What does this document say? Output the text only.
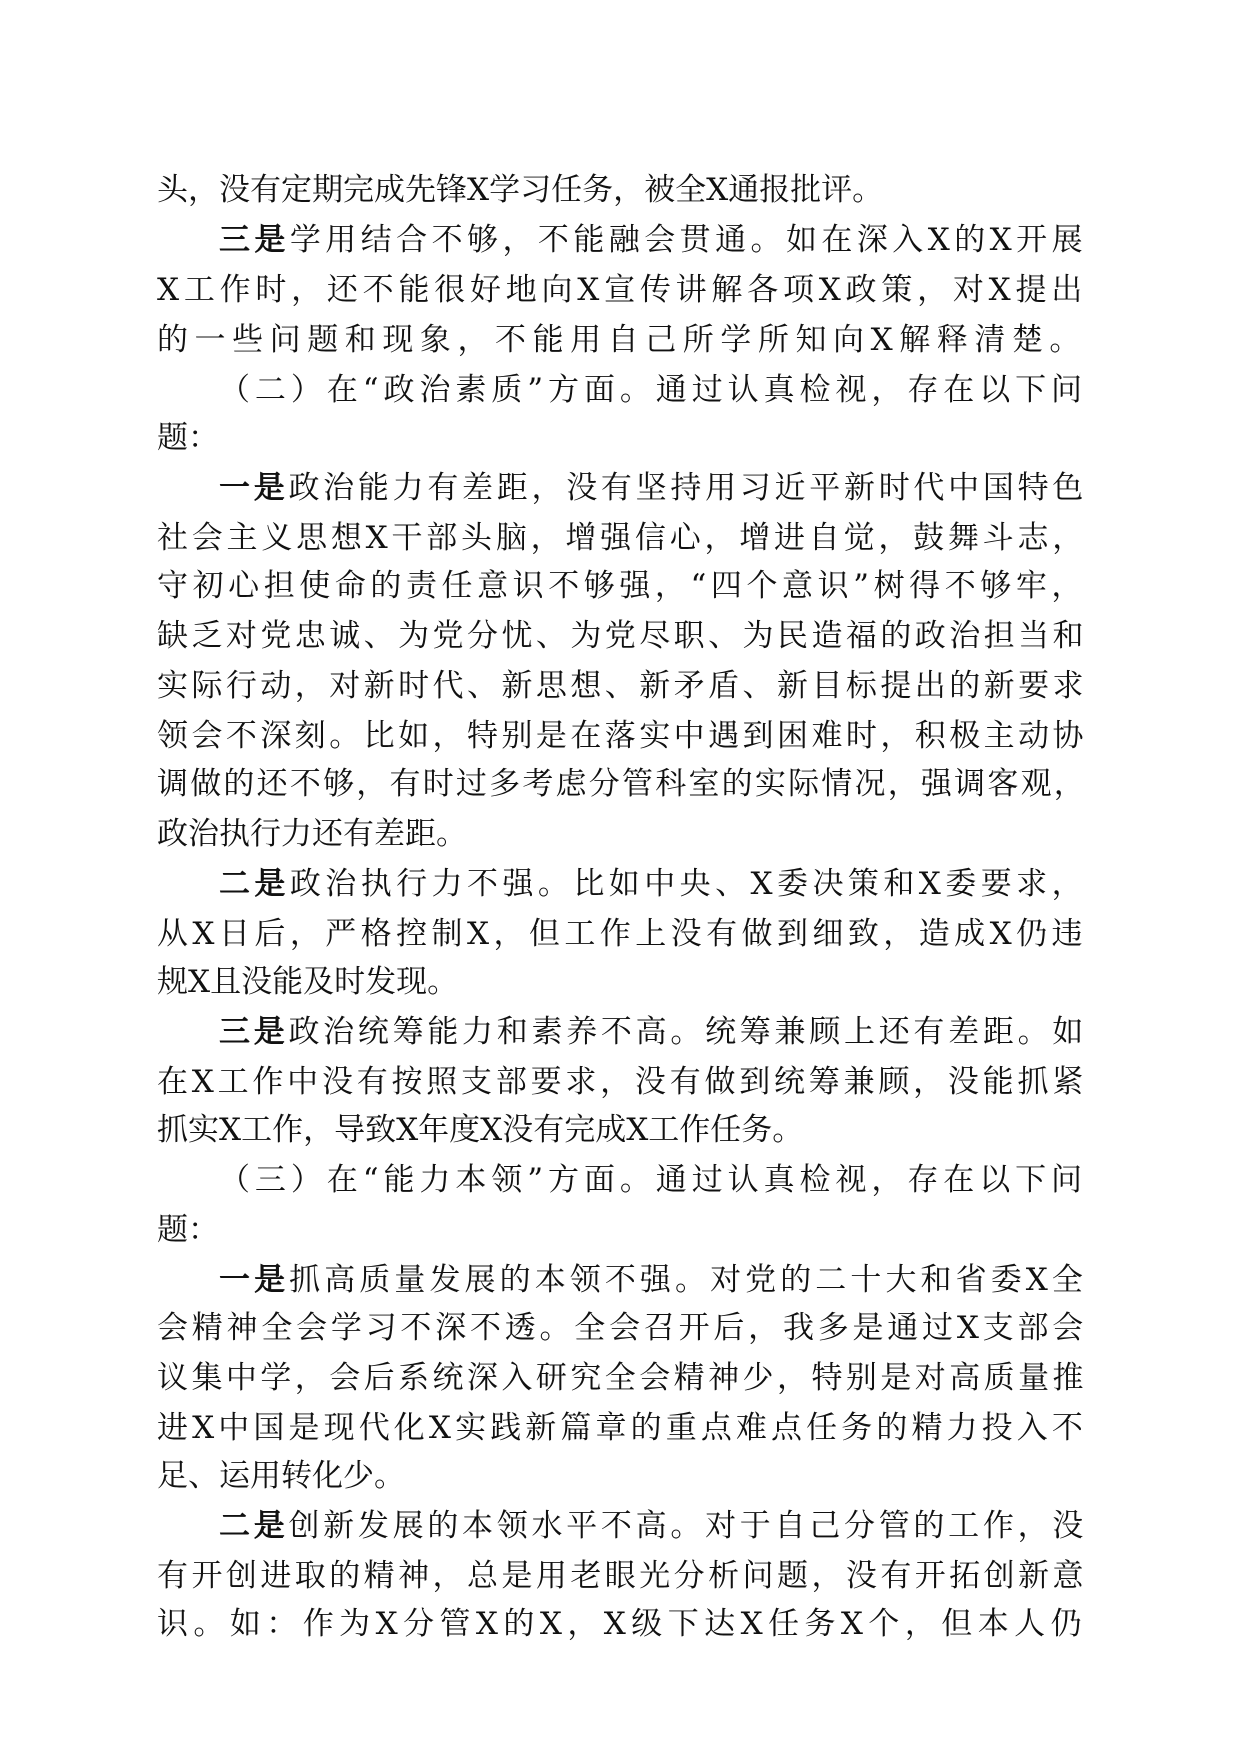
头，没有定期完成先锋X学习任务，被全X通报批评。
三是学用结合不够，不能融会贯通。如在深入X的X开展
X工作时，还不能很好地向X宣传讲解各项X政策，对X提出
的一些问题和现象，不能用自己所学所知向X解释清楚。
（二）在“政治素质”方面。通过认真检视，存在以下问
题：
一是政治能力有差距，没有坚持用习近平新时代中国特色
社会主义思想X干部头脑，增强信心，增进自觉，鼓舞斗志，
守初心担使命的责任意识不够强，“四个意识”树得不够牢，
缺乏对党忠诚、为党分忧、为党尽职、为民造福的政治担当和
实际行动，对新时代、新思想、新矛盾、新目标提出的新要求
领会不深刻。比如，特别是在落实中遇到困难时，积极主动协
调做的还不够，有时过多考虑分管科室的实际情况，强调客观，
政治执行力还有差距。
二是政治执行力不强。比如中央、X委决策和X委要求，
从X日后，严格控制X，但工作上没有做到细致，造成X仍违
规X且没能及时发现。
三是政治统筹能力和素养不高。统筹兼顾上还有差距。如
在X工作中没有按照支部要求，没有做到统筹兼顾，没能抓紧
抓实X工作，导致X年度X没有完成X工作任务。
（三）在“能力本领”方面。通过认真检视，存在以下问
题：
一是抓高质量发展的本领不强。对党的二十大和省委X全
会精神全会学习不深不透。全会召开后，我多是通过X支部会
议集中学，会后系统深入研究全会精神少，特别是对高质量推
进X中国是现代化X实践新篇章的重点难点任务的精力投入不
足、运用转化少。
二是创新发展的本领水平不高。对于自己分管的工作，没
有开创进取的精神，总是用老眼光分析问题，没有开拓创新意
识。如：作为X分管X的X，X级下达X任务X个，但本人仍
